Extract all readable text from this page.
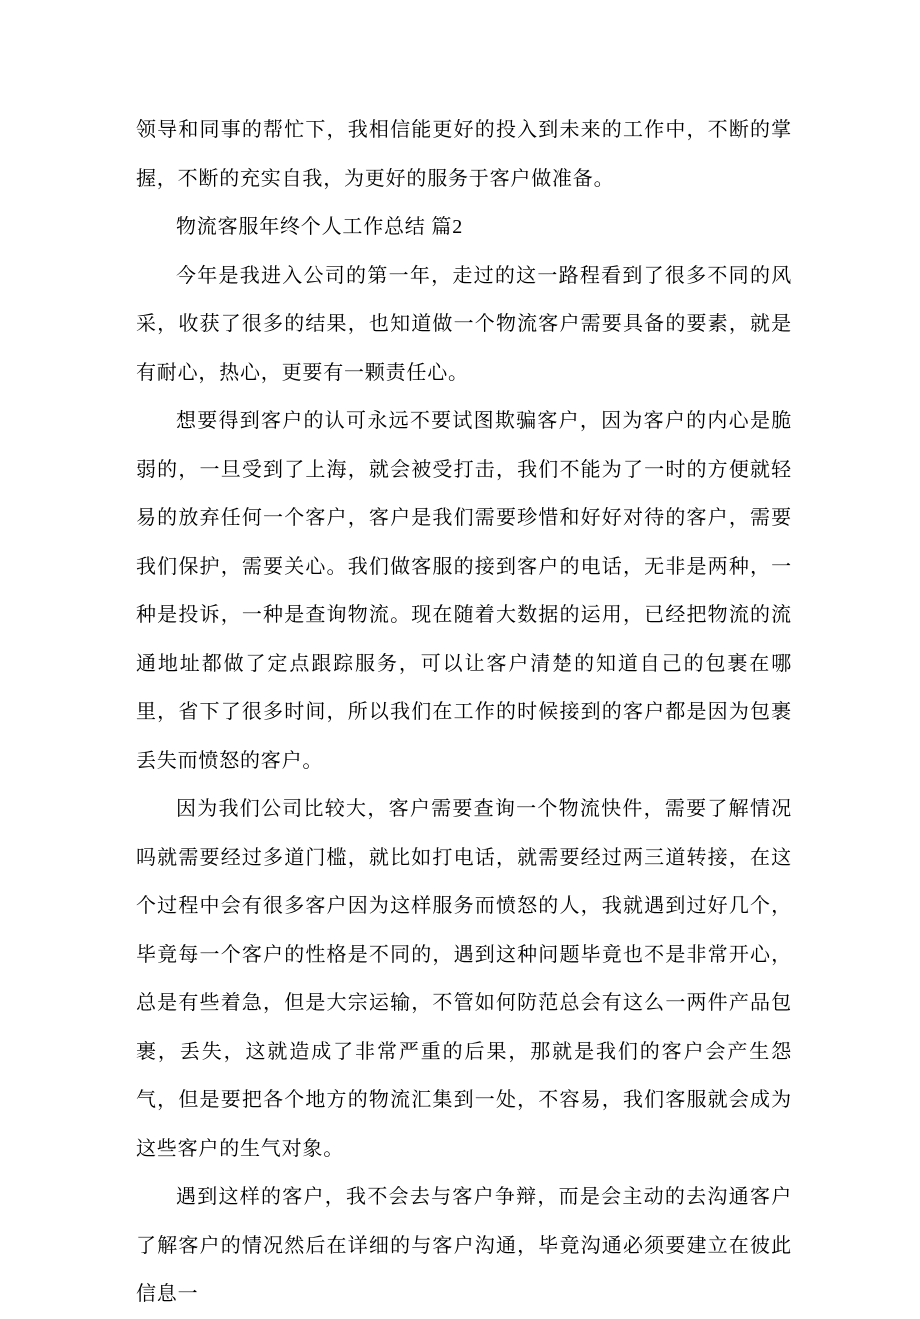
领导和同事的帮忙下，我相信能更好的投入到未来的工作中，不断的掌握，不断的充实自我，为更好的服务于客户做准备。

物流客服年终个人工作总结 篇2

今年是我进入公司的第一年，走过的这一路程看到了很多不同的风采，收获了很多的结果，也知道做一个物流客户需要具备的要素，就是有耐心，热心，更要有一颗责任心。

想要得到客户的认可永远不要试图欺骗客户，因为客户的内心是脆弱的，一旦受到了上海，就会被受打击，我们不能为了一时的方便就轻易的放弃任何一个客户，客户是我们需要珍惜和好好对待的客户，需要我们保护，需要关心。我们做客服的接到客户的电话，无非是两种，一种是投诉，一种是查询物流。现在随着大数据的运用，已经把物流的流通地址都做了定点跟踪服务，可以让客户清楚的知道自己的包裹在哪里，省下了很多时间，所以我们在工作的时候接到的客户都是因为包裹丢失而愤怒的客户。

因为我们公司比较大，客户需要查询一个物流快件，需要了解情况吗就需要经过多道门槛，就比如打电话，就需要经过两三道转接，在这个过程中会有很多客户因为这样服务而愤怒的人，我就遇到过好几个，毕竟每一个客户的性格是不同的，遇到这种问题毕竟也不是非常开心，总是有些着急，但是大宗运输，不管如何防范总会有这么一两件产品包裹，丢失，这就造成了非常严重的后果，那就是我们的客户会产生怨气，但是要把各个地方的物流汇集到一处，不容易，我们客服就会成为这些客户的生气对象。

遇到这样的客户，我不会去与客户争辩，而是会主动的去沟通客户了解客户的情况然后在详细的与客户沟通，毕竟沟通必须要建立在彼此信息一
